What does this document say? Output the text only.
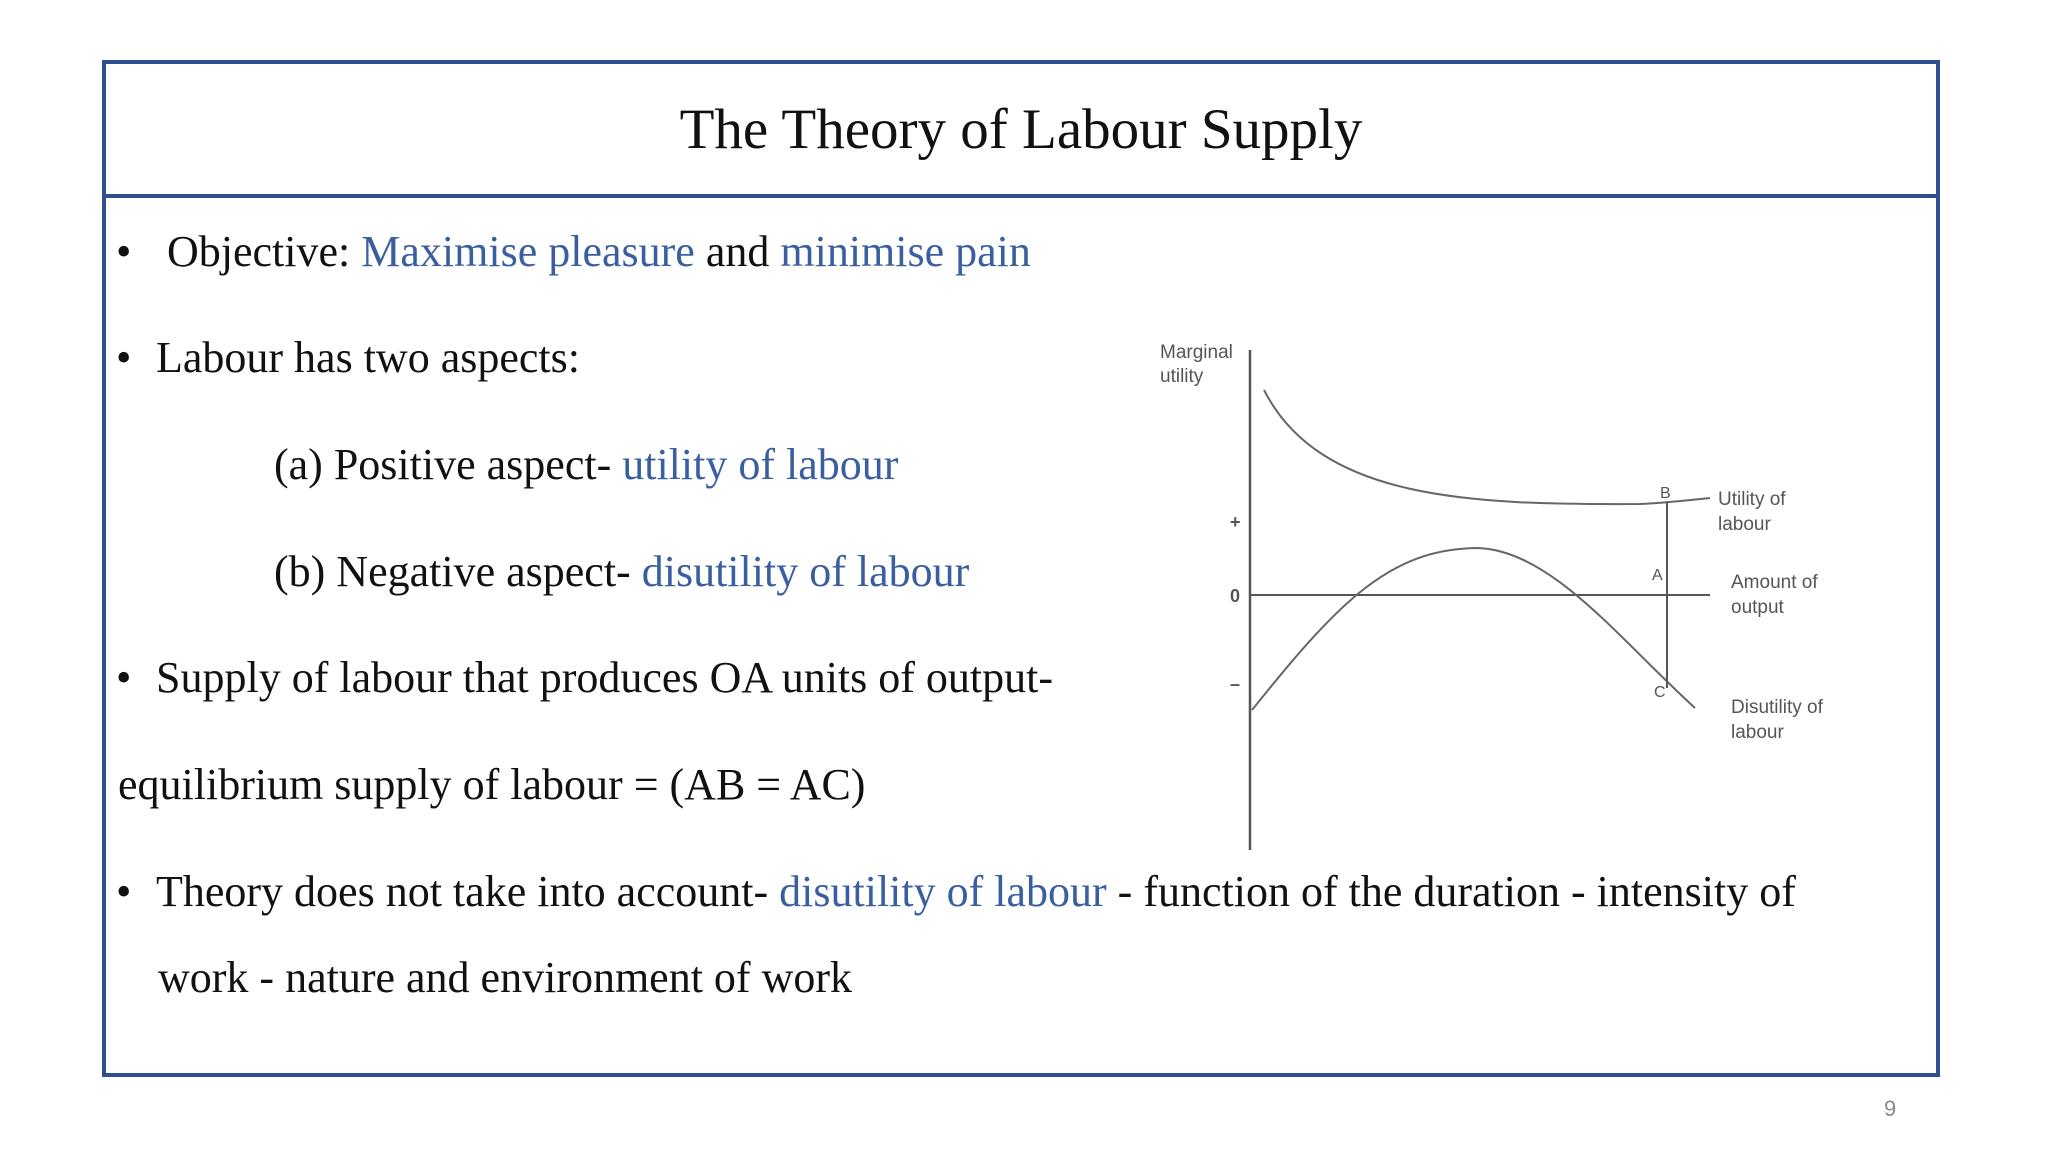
The Theory of Labour Supply
• Objective: Maximise pleasure and minimise pain
• Labour has two aspects:
(a) Positive aspect- utility of labour
(b) Negative aspect- disutility of labour
• Supply of labour that produces OA units of output-
equilibrium supply of labour = (AB = AC)
• Theory does not take into account- disutility of labour - function of the duration - intensity of
work - nature and environment of work
Marginal
utility
+
0
–
B
A
C
Utility of
labour
Amount of
output
Disutility of
labour
9
